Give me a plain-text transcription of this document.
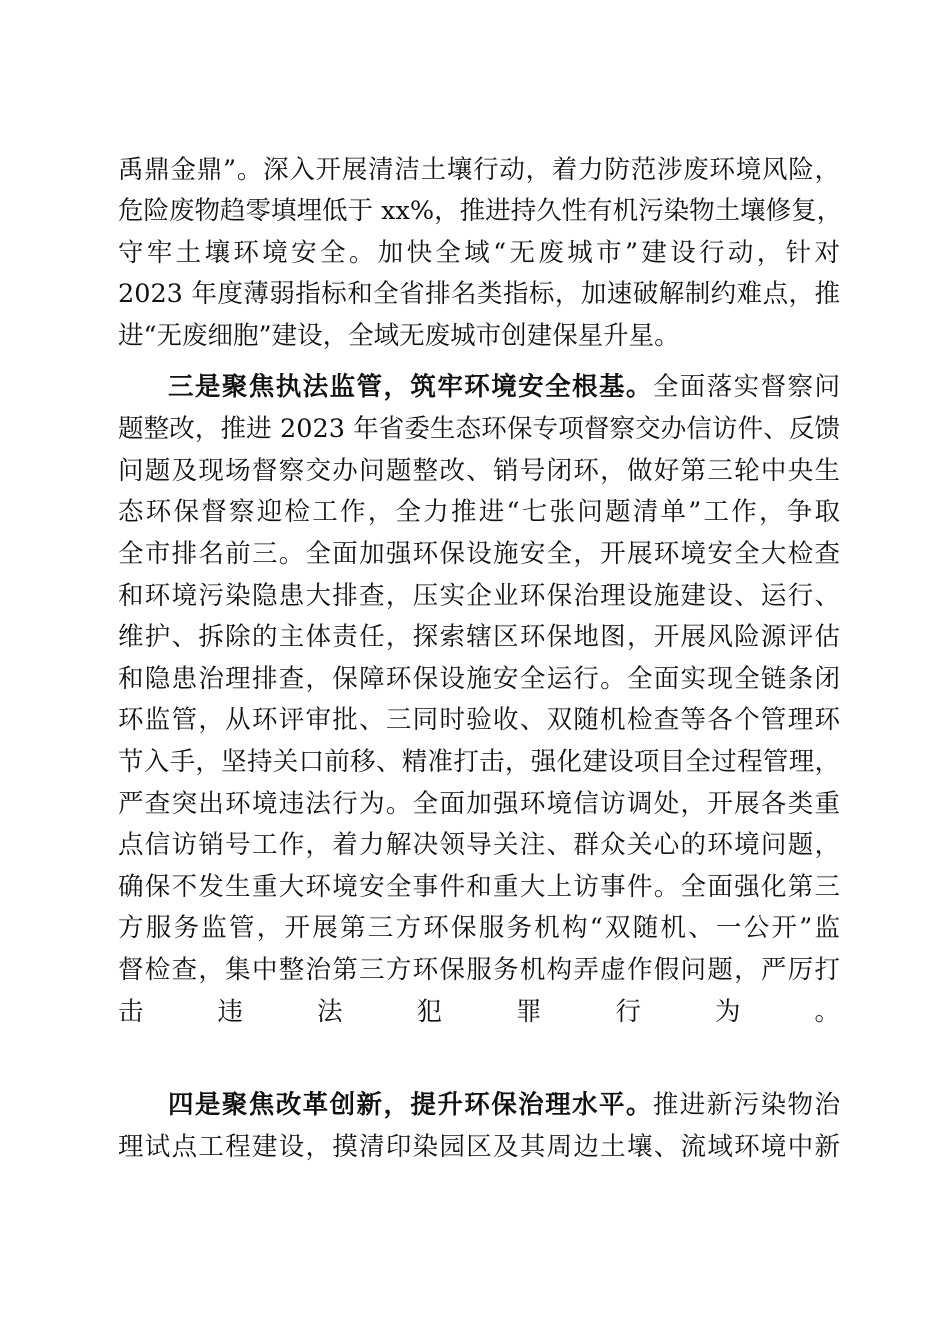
禹鼎金鼎”。深入开展清洁土壤行动，着力防范涉废环境风险，
危险废物趋零填埋低于 xx%，推进持久性有机污染物土壤修复，
守牢土壤环境安全。加快全域“无废城市”建设行动，针对
2023 年度薄弱指标和全省排名类指标，加速破解制约难点，推
进“无废细胞”建设，全域无废城市创建保星升星。
三是聚焦执法监管，筑牢环境安全根基。全面落实督察问
题整改，推进 2023 年省委生态环保专项督察交办信访件、反馈
问题及现场督察交办问题整改、销号闭环，做好第三轮中央生
态环保督察迎检工作，全力推进“七张问题清单”工作，争取
全市排名前三。全面加强环保设施安全，开展环境安全大检查
和环境污染隐患大排查，压实企业环保治理设施建设、运行、
维护、拆除的主体责任，探索辖区环保地图，开展风险源评估
和隐患治理排查，保障环保设施安全运行。全面实现全链条闭
环监管，从环评审批、三同时验收、双随机检查等各个管理环
节入手，坚持关口前移、精准打击，强化建设项目全过程管理，
严查突出环境违法行为。全面加强环境信访调处，开展各类重
点信访销号工作，着力解决领导关注、群众关心的环境问题，
确保不发生重大环境安全事件和重大上访事件。全面强化第三
方服务监管，开展第三方环保服务机构“双随机、一公开”监
督检查，集中整治第三方环保服务机构弄虚作假问题，严厉打
击违法犯罪行为。
四是聚焦改革创新，提升环保治理水平。推进新污染物治
理试点工程建设，摸清印染园区及其周边土壤、流域环境中新
